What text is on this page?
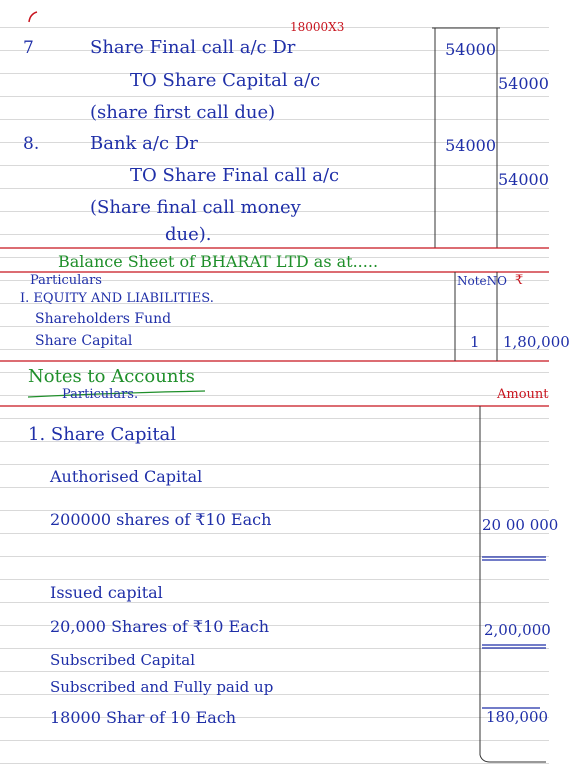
18000X3
7	Share Final call a/c Dr	54000
TO Share Capital a/c	54000
(share first call due)
8.	Bank a/c Dr	54000
TO Share Final call a/c	54000
(Share final call money
due).
Balance Sheet of BHARAT LTD as at.....
Particulars	NoteNO ₹
I. EQUITY AND LIABILITIES.
Shareholders Fund
Share Capital	1 1,80,000
Notes to Accounts
Particulars.	Amount
1. Share Capital
Authorised Capital
200000 shares of ₹10 Each	20 00 000
Issued capital
20,000 Shares of ₹10 Each	2,00,000
Subscribed Capital
Subscribed and Fully paid up
18000 Shar of 10 Each	180,000
